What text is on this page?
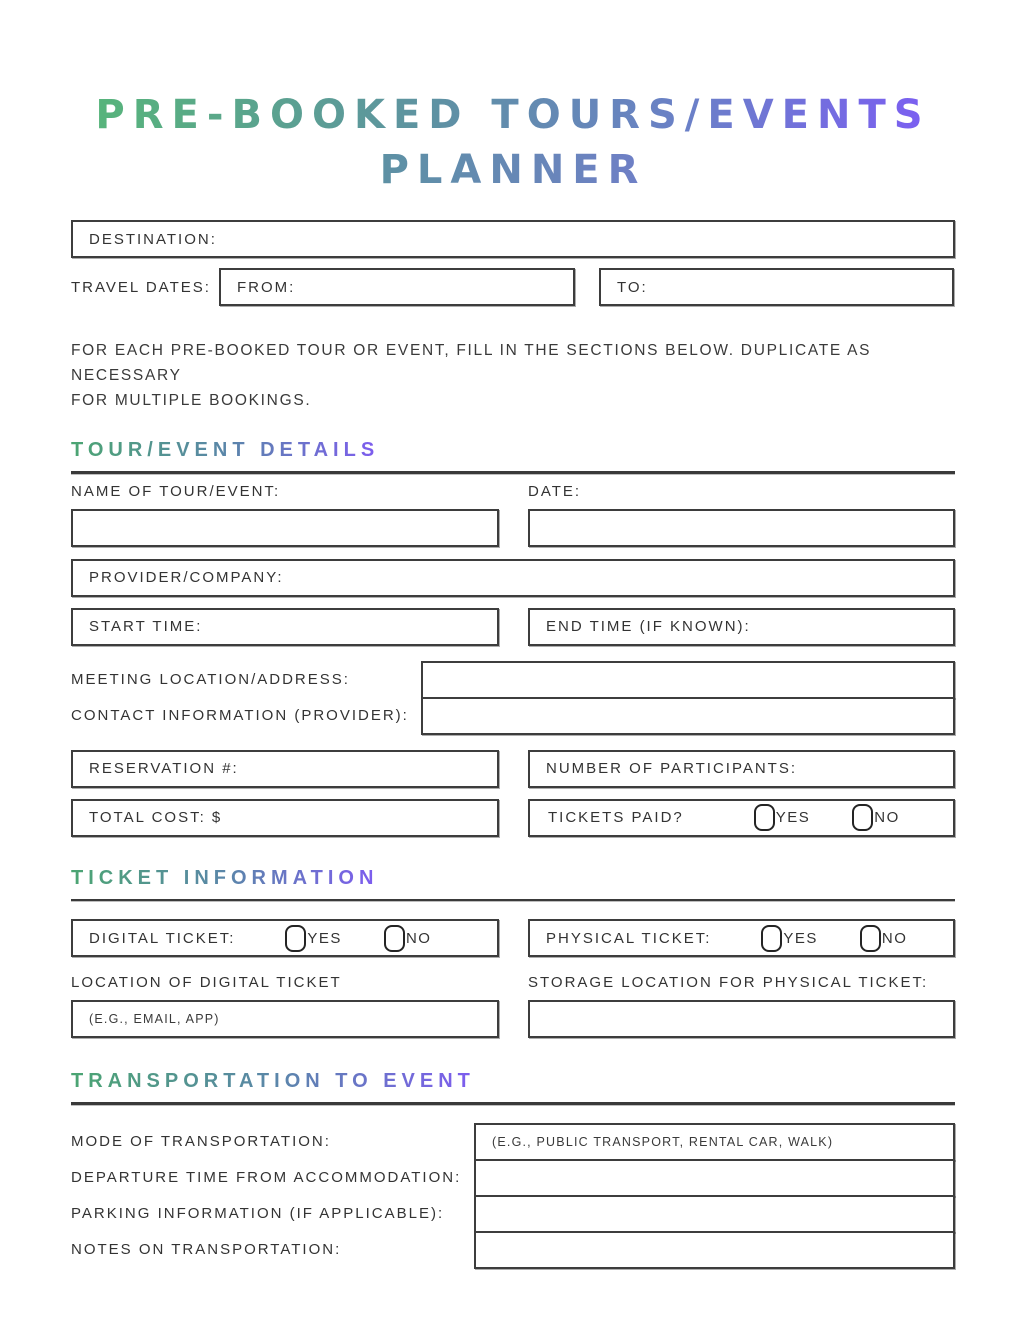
PRE-BOOKED TOURS/EVENTS
PLANNER
DESTINATION:
TRAVEL DATES:	FROM:	TO:
FOR EACH PRE-BOOKED TOUR OR EVENT, FILL IN THE SECTIONS BELOW. DUPLICATE AS NECESSARY
FOR MULTIPLE BOOKINGS.
TOUR/EVENT DETAILS
NAME OF TOUR/EVENT:	DATE:
PROVIDER/COMPANY:
START TIME:	END TIME (IF KNOWN):
MEETING LOCATION/ADDRESS:
CONTACT INFORMATION (PROVIDER):
RESERVATION #:	NUMBER OF PARTICIPANTS:
TOTAL COST: $	TICKETS PAID?	YES	NO
TICKET INFORMATION
DIGITAL TICKET:	YES	NO	PHYSICAL TICKET:	YES	NO
LOCATION OF DIGITAL TICKET	STORAGE LOCATION FOR PHYSICAL TICKET:
(E.G., EMAIL, APP)
TRANSPORTATION TO EVENT
MODE OF TRANSPORTATION:	(E.G., PUBLIC TRANSPORT, RENTAL CAR, WALK)
DEPARTURE TIME FROM ACCOMMODATION:
PARKING INFORMATION (IF APPLICABLE):
NOTES ON TRANSPORTATION:
